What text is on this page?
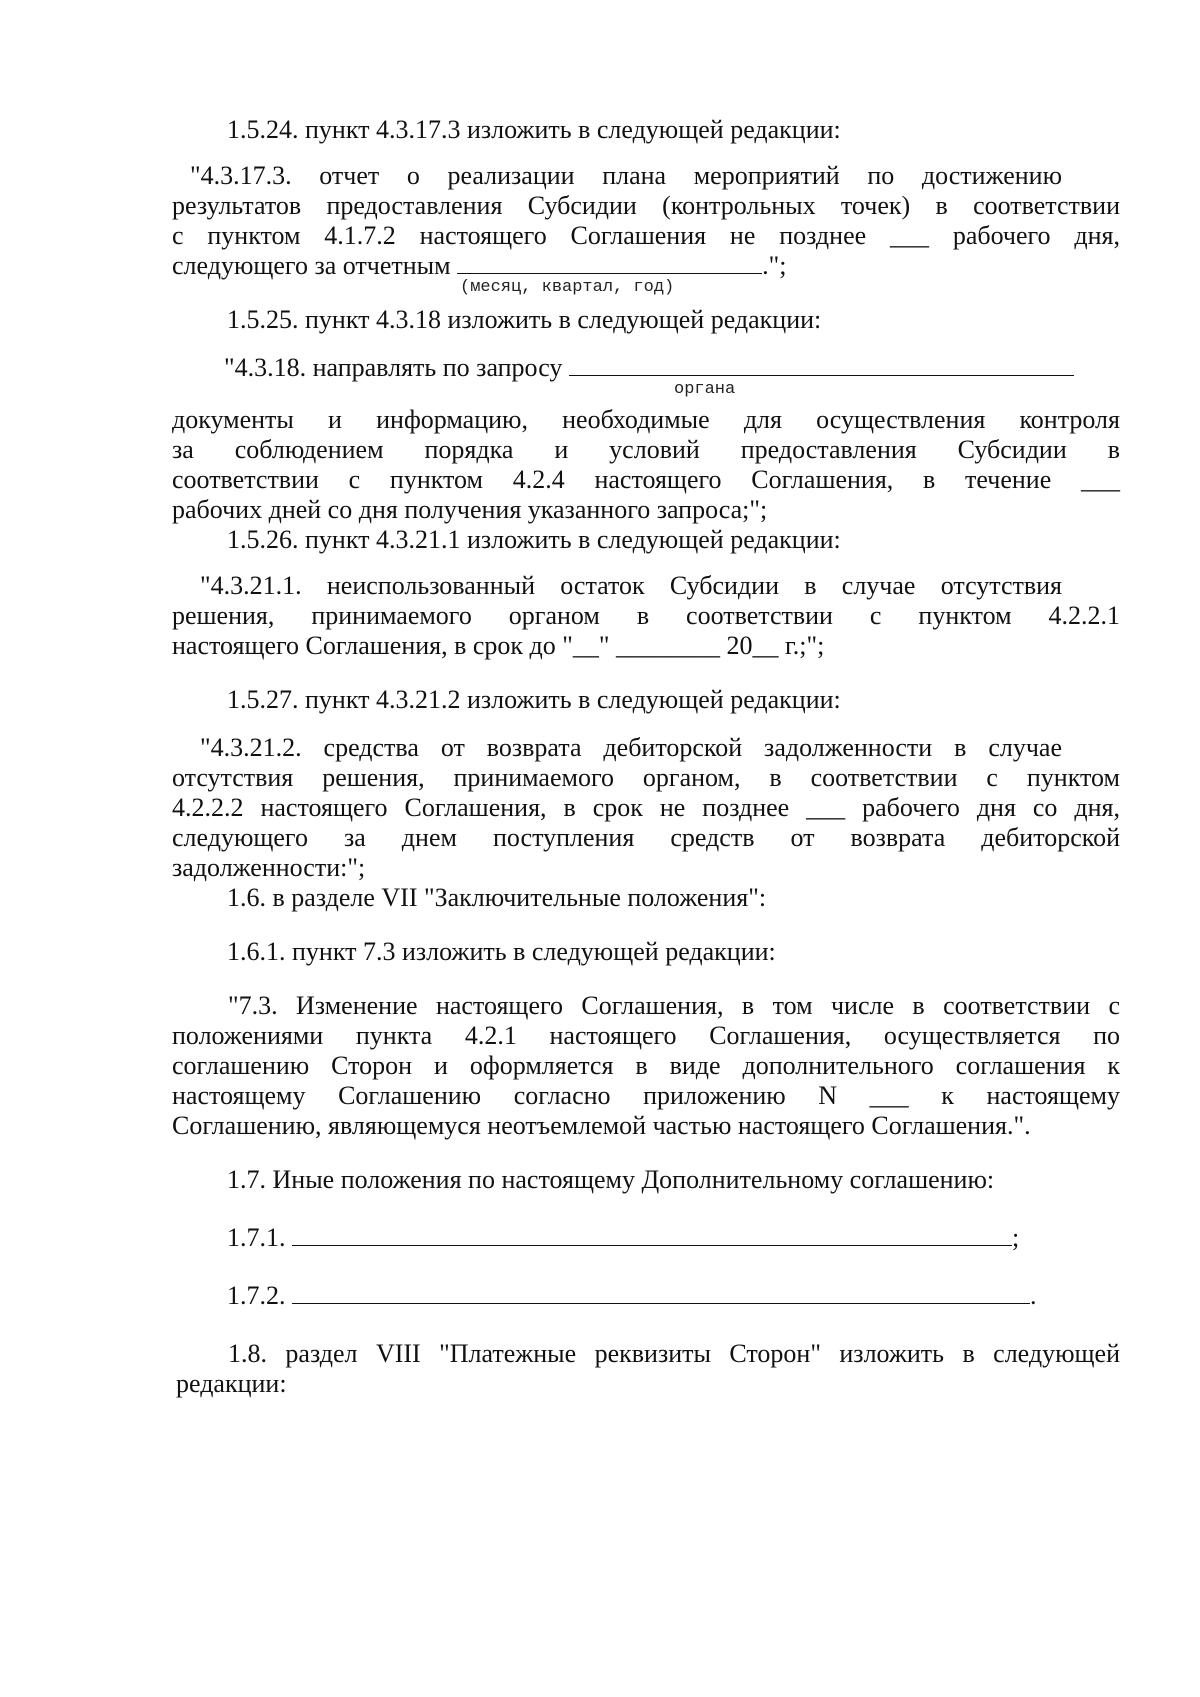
1.5.24. пункт 4.3.17.3 изложить в следующей редакции:
"4.3.17.3. отчет о реализации плана мероприятий по достижению
результатов предоставления Субсидии (контрольных точек) в соответствии
с пунктом 4.1.7.2 настоящего Соглашения не позднее ___ рабочего дня,
следующего за отчетным	.";
(месяц, квартал, год)
1.5.25. пункт 4.3.18 изложить в следующей редакции:
"4.3.18. направлять по запросу
органа
документы и информацию, необходимые для осуществления контроля
за соблюдением порядка и условий предоставления Субсидии в
соответствии с пунктом 4.2.4 настоящего Соглашения, в течение ___
рабочих дней со дня получения указанного запроса;";
1.5.26. пункт 4.3.21.1 изложить в следующей редакции:
"4.3.21.1. неиспользованный остаток Субсидии в случае отсутствия
решения, принимаемого органом в соответствии с пунктом 4.2.2.1
настоящего Соглашения, в срок до "__" ________ 20__ г.;";
1.5.27. пункт 4.3.21.2 изложить в следующей редакции:
"4.3.21.2. средства от возврата дебиторской задолженности в случае
отсутствия решения, принимаемого органом, в соответствии с пунктом
4.2.2.2 настоящего Соглашения, в срок не позднее ___ рабочего дня со дня,
следующего за днем поступления средств от возврата дебиторской
задолженности:";
1.6. в разделе VII "Заключительные положения":
1.6.1. пункт 7.3 изложить в следующей редакции:
"7.3. Изменение настоящего Соглашения, в том числе в соответствии с
положениями пункта 4.2.1 настоящего Соглашения, осуществляется по
соглашению Сторон и оформляется в виде дополнительного соглашения к
настоящему Соглашению согласно приложению N ___ к настоящему
Соглашению, являющемуся неотъемлемой частью настоящего Соглашения.".
1.7. Иные положения по настоящему Дополнительному соглашению:
1.7.1.	;
1.7.2.	.
1.8. раздел VIII "Платежные реквизиты Сторон" изложить в следующей
редакции:
